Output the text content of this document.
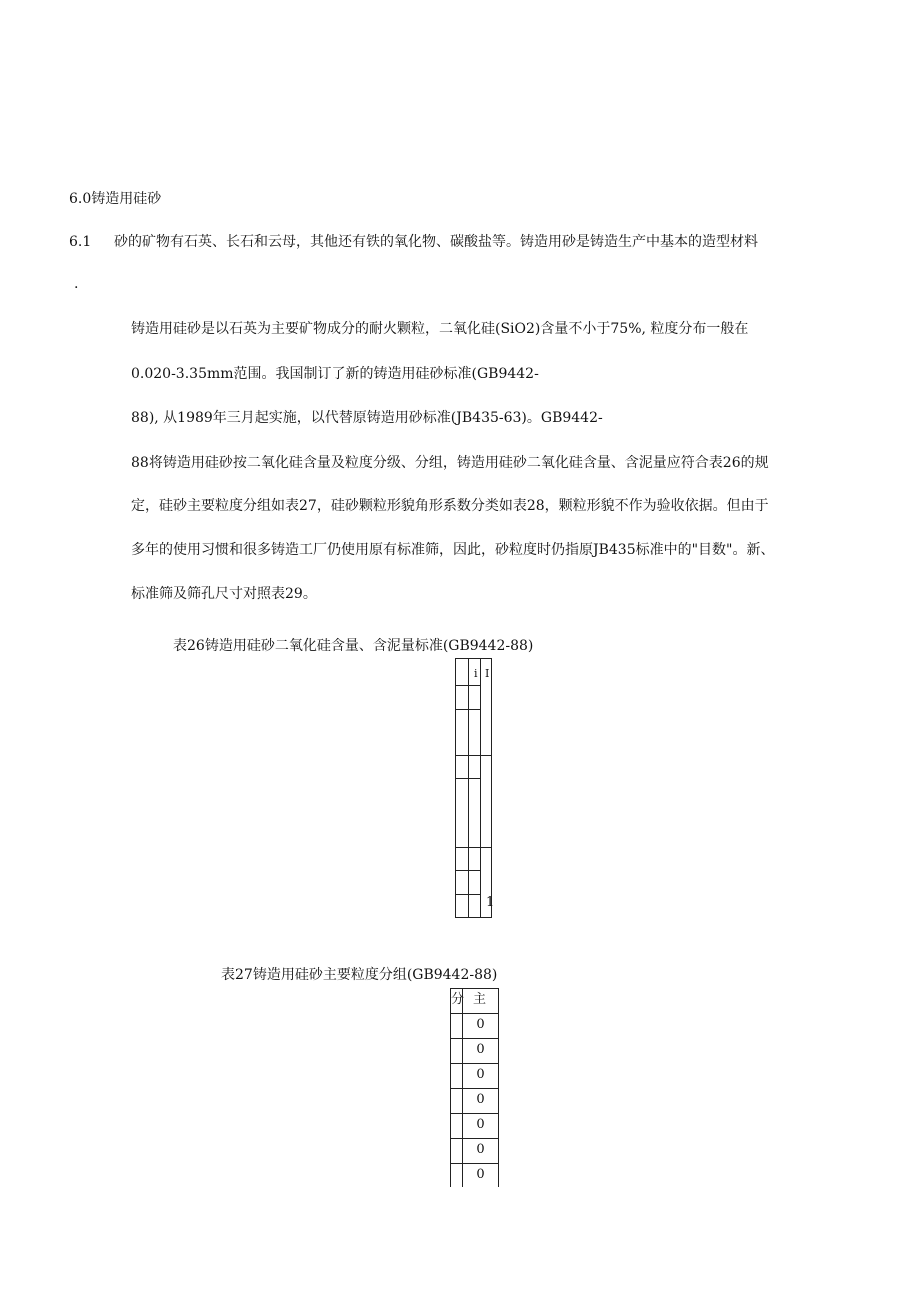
6.0铸造用硅砂
6.1 砂的矿物有石英、长石和云母，其他还有铁的氧化物、碳酸盐等。铸造用砂是铸造生产中基本的造型材料
.
铸造用硅砂是以石英为主要矿物成分的耐火颗粒，二氧化硅(SiO2)含量不小于75%, 粒度分布一般在
0.020-3.35mm范围。我国制订了新的铸造用硅砂标准(GB9442-
88), 从1989年三月起实施，以代替原铸造用砂标准(JB435-63)。GB9442-
88将铸造用硅砂按二氧化硅含量及粒度分级、分组，铸造用硅砂二氧化硅含量、含泥量应符合表26的规
定，硅砂主要粒度分组如表27，硅砂颗粒形貌角形系数分类如表28，颗粒形貌不作为验收依据。但由于
多年的使用习惯和很多铸造工厂仍使用原有标准筛，因此，砂粒度时仍指原JB435标准中的"目数"。新、
标准筛及筛孔尺寸对照表29。
表26铸造用硅砂二氧化硅含量、含泥量标准(GB9442-88)
i I
1
表27铸造用硅砂主要粒度分组(GB9442-88)
分 主
0
0
0
0
0
0
0
